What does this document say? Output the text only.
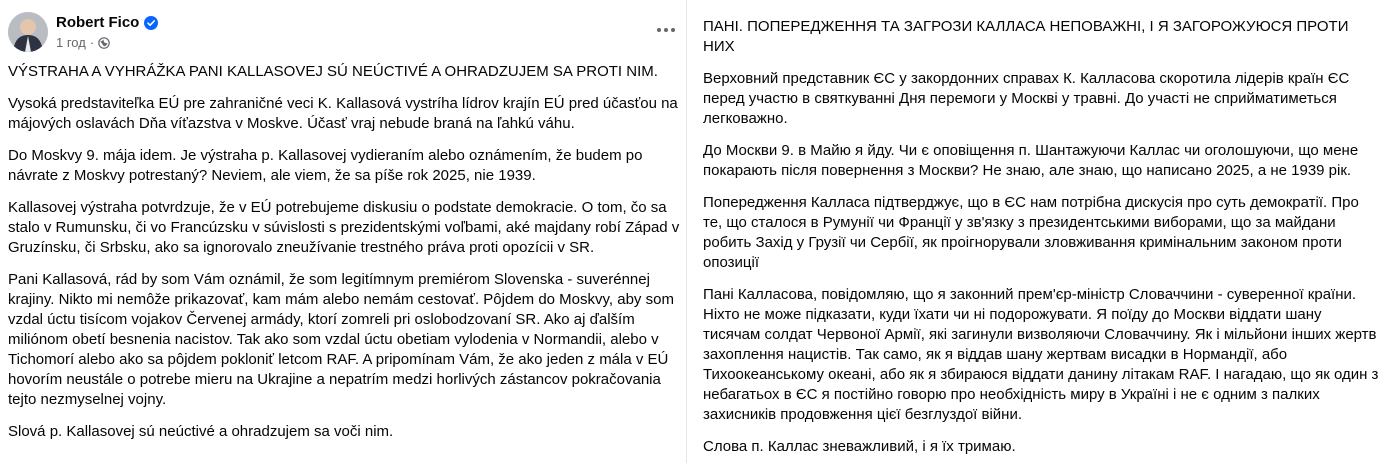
Robert Fico
1 год ·

VÝSTRAHA A VYHRÁŽKA PANI KALLASOVEJ SÚ NEÚCTIVÉ A OHRADZUJEM SA PROTI NIM.

Vysoká predstaviteľka EÚ pre zahraničné veci K. Kallasová vystríha lídrov krajín EÚ pred účasťou na májových oslavách Dňa víťazstva v Moskve. Účasť vraj nebude braná na ľahkú váhu.

Do Moskvy 9. mája idem. Je výstraha p. Kallasovej vydieraním alebo oznámením, že budem po návrate z Moskvy potrestaný? Neviem, ale viem, že sa píše rok 2025, nie 1939.

Kallasovej výstraha potvrdzuje, že v EÚ potrebujeme diskusiu o podstate demokracie. O tom, čo sa stalo v Rumunsku, či vo Francúzsku v súvislosti s prezidentskými voľbami, aké majdany robí Západ v Gruzínsku, či Srbsku, ako sa ignorovalo zneužívanie trestného práva proti opozícii v SR.

Pani Kallasová, rád by som Vám oznámil, že som legitímnym premiérom Slovenska - suverénnej krajiny. Nikto mi nemôže prikazovať, kam mám alebo nemám cestovať. Pôjdem do Moskvy, aby som vzdal úctu tisícom vojakov Červenej armády, ktorí zomreli pri oslobodzovaní SR. Ako aj ďalším miliónom obetí besnenia nacistov. Tak ako som vzdal úctu obetiam vylodenia v Normandii, alebo v Tichomorí alebo ako sa pôjdem pokloniť letcom RAF. A pripomínam Vám, že ako jeden z mála v EÚ hovorím neustále o potrebe mieru na Ukrajine a nepatrím medzi horlivých zástancov pokračovania tejto nezmyselnej vojny.

Slová p. Kallasovej sú neúctivé a ohradzujem sa voči nim.

ПАНІ. ПОПЕРЕДЖЕННЯ ТА ЗАГРОЗИ КАЛЛАСА НЕПОВАЖНІ, І Я ЗАГОРОЖУЮСЯ ПРОТИ НИХ

Верховний представник ЄС у закордонних справах К. Калласова скоротила лідерів країн ЄС перед участю в святкуванні Дня перемоги у Москві у травні. До участі не сприйматиметься легковажно.

До Москви 9. в Майю я йду. Чи є оповіщення п. Шантажуючи Каллас чи оголошуючи, що мене покарають після повернення з Москви? Не знаю, але знаю, що написано 2025, а не 1939 рік.

Попередження Калласа підтверджує, що в ЄС нам потрібна дискусія про суть демократії. Про те, що сталося в Румунії чи Франції у зв'язку з президентськими виборами, що за майдани робить Захід у Грузії чи Сербії, як проігнорували зловживання кримінальним законом проти опозиції

Пані Калласова, повідомляю, що я законний прем'єр-міністр Словаччини - суверенної країни. Ніхто не може підказати, куди їхати чи ні подорожувати. Я поїду до Москви віддати шану тисячам солдат Червоної Армії, які загинули визволяючи Словаччину. Як і мільйони інших жертв захоплення нацистів. Так само, як я віддав шану жертвам висадки в Нормандії, або Тихоокеанському океані, або як я збираюся віддати данину літакам RAF. І нагадаю, що як один з небагатьох в ЄС я постійно говорю про необхідність миру в Україні і не є одним з палких захисників продовження цієї безглуздої війни.

Слова п. Каллас зневажливий, і я їх тримаю.
